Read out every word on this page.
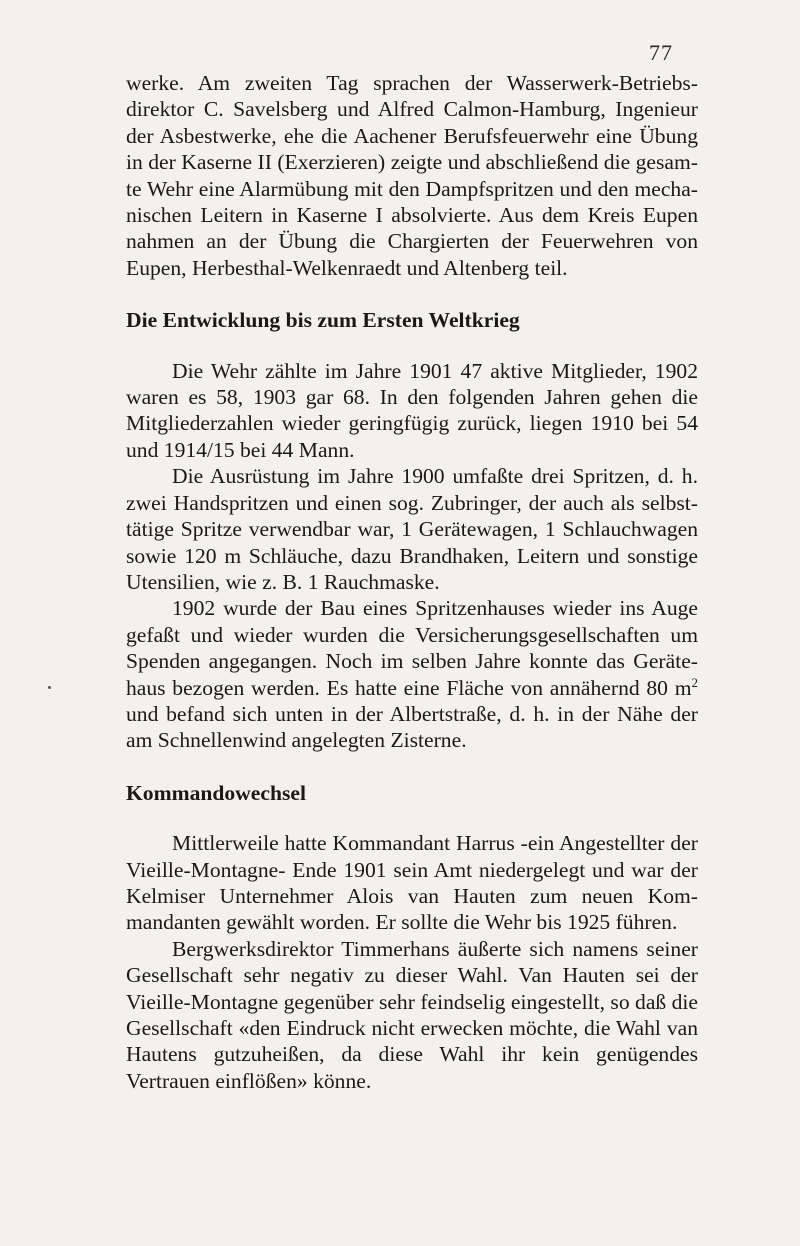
77

werke. Am zweiten Tag sprachen der Wasserwerk-Betriebsdirektor C. Savelsberg und Alfred Calmon-Hamburg, Ingenieur der Asbestwerke, ehe die Aachener Berufsfeuerwehr eine Übung in der Kaserne II (Exerzieren) zeigte und abschließend die gesamte Wehr eine Alarmübung mit den Dampfspritzen und den mechanischen Leitern in Kaserne I absolvierte. Aus dem Kreis Eupen nahmen an der Übung die Chargierten der Feuerwehren von Eupen, Herbesthal-Welkenraedt und Altenberg teil.

Die Entwicklung bis zum Ersten Weltkrieg

Die Wehr zählte im Jahre 1901 47 aktive Mitglieder, 1902 waren es 58, 1903 gar 68. In den folgenden Jahren gehen die Mitgliederzahlen wieder geringfügig zurück, liegen 1910 bei 54 und 1914/15 bei 44 Mann.

Die Ausrüstung im Jahre 1900 umfaßte drei Spritzen, d. h. zwei Handspritzen und einen sog. Zubringer, der auch als selbsttätige Spritze verwendbar war, 1 Gerätewagen, 1 Schlauchwagen sowie 120 m Schläuche, dazu Brandhaken, Leitern und sonstige Utensilien, wie z. B. 1 Rauchmaske.

1902 wurde der Bau eines Spritzenhauses wieder ins Auge gefaßt und wieder wurden die Versicherungsgesellschaften um Spenden angegangen. Noch im selben Jahre konnte das Gerätehaus bezogen werden. Es hatte eine Fläche von annähernd 80 $m^2$ und befand sich unten in der Albertstraße, d. h. in der Nähe der am Schnellenwind angelegten Zisterne.

Kommandowechsel

Mittlerweile hatte Kommandant Harrus -ein Angestellter der Vieille-Montagne- Ende 1901 sein Amt niedergelegt und war der Kelmiser Unternehmer Alois van Hauten zum neuen Kommandanten gewählt worden. Er sollte die Wehr bis 1925 führen.

Bergwerksdirektor Timmerhans äußerte sich namens seiner Gesellschaft sehr negativ zu dieser Wahl. Van Hauten sei der Vieille-Montagne gegenüber sehr feindselig eingestellt, so daß die Gesellschaft «den Eindruck nicht erwecken möchte, die Wahl van Hautens gutzuheißen, da diese Wahl ihr kein genügendes Vertrauen einflößen» könne.
